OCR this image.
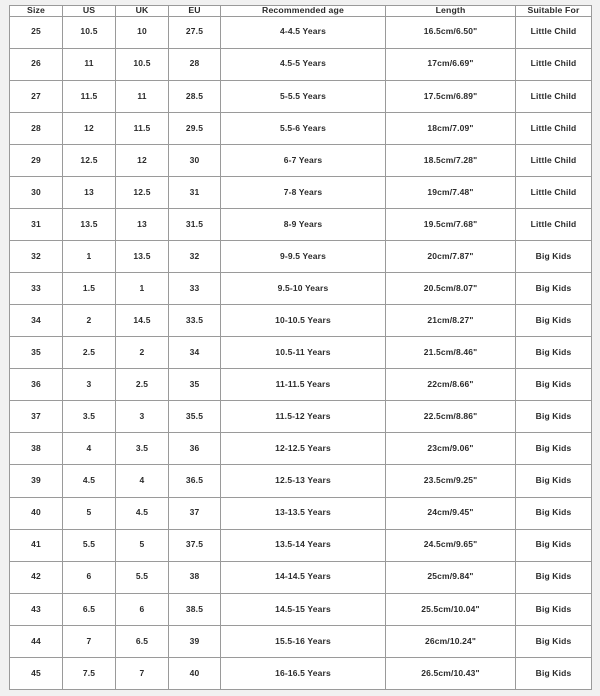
Size	US	UK	EU	Recommended age	Length	Suitable For
25	10.5	10	27.5	4-4.5 Years	16.5cm/6.50"	Little Child
26	11	10.5	28	4.5-5 Years	17cm/6.69"	Little Child
27	11.5	11	28.5	5-5.5 Years	17.5cm/6.89"	Little Child
28	12	11.5	29.5	5.5-6 Years	18cm/7.09"	Little Child
29	12.5	12	30	6-7 Years	18.5cm/7.28"	Little Child
30	13	12.5	31	7-8 Years	19cm/7.48"	Little Child
31	13.5	13	31.5	8-9 Years	19.5cm/7.68"	Little Child
32	1	13.5	32	9-9.5 Years	20cm/7.87"	Big Kids
33	1.5	1	33	9.5-10 Years	20.5cm/8.07"	Big Kids
34	2	14.5	33.5	10-10.5 Years	21cm/8.27"	Big Kids
35	2.5	2	34	10.5-11 Years	21.5cm/8.46"	Big Kids
36	3	2.5	35	11-11.5 Years	22cm/8.66"	Big Kids
37	3.5	3	35.5	11.5-12 Years	22.5cm/8.86"	Big Kids
38	4	3.5	36	12-12.5 Years	23cm/9.06"	Big Kids
39	4.5	4	36.5	12.5-13 Years	23.5cm/9.25"	Big Kids
40	5	4.5	37	13-13.5 Years	24cm/9.45"	Big Kids
41	5.5	5	37.5	13.5-14 Years	24.5cm/9.65"	Big Kids
42	6	5.5	38	14-14.5 Years	25cm/9.84"	Big Kids
43	6.5	6	38.5	14.5-15 Years	25.5cm/10.04"	Big Kids
44	7	6.5	39	15.5-16 Years	26cm/10.24"	Big Kids
45	7.5	7	40	16-16.5 Years	26.5cm/10.43"	Big Kids
